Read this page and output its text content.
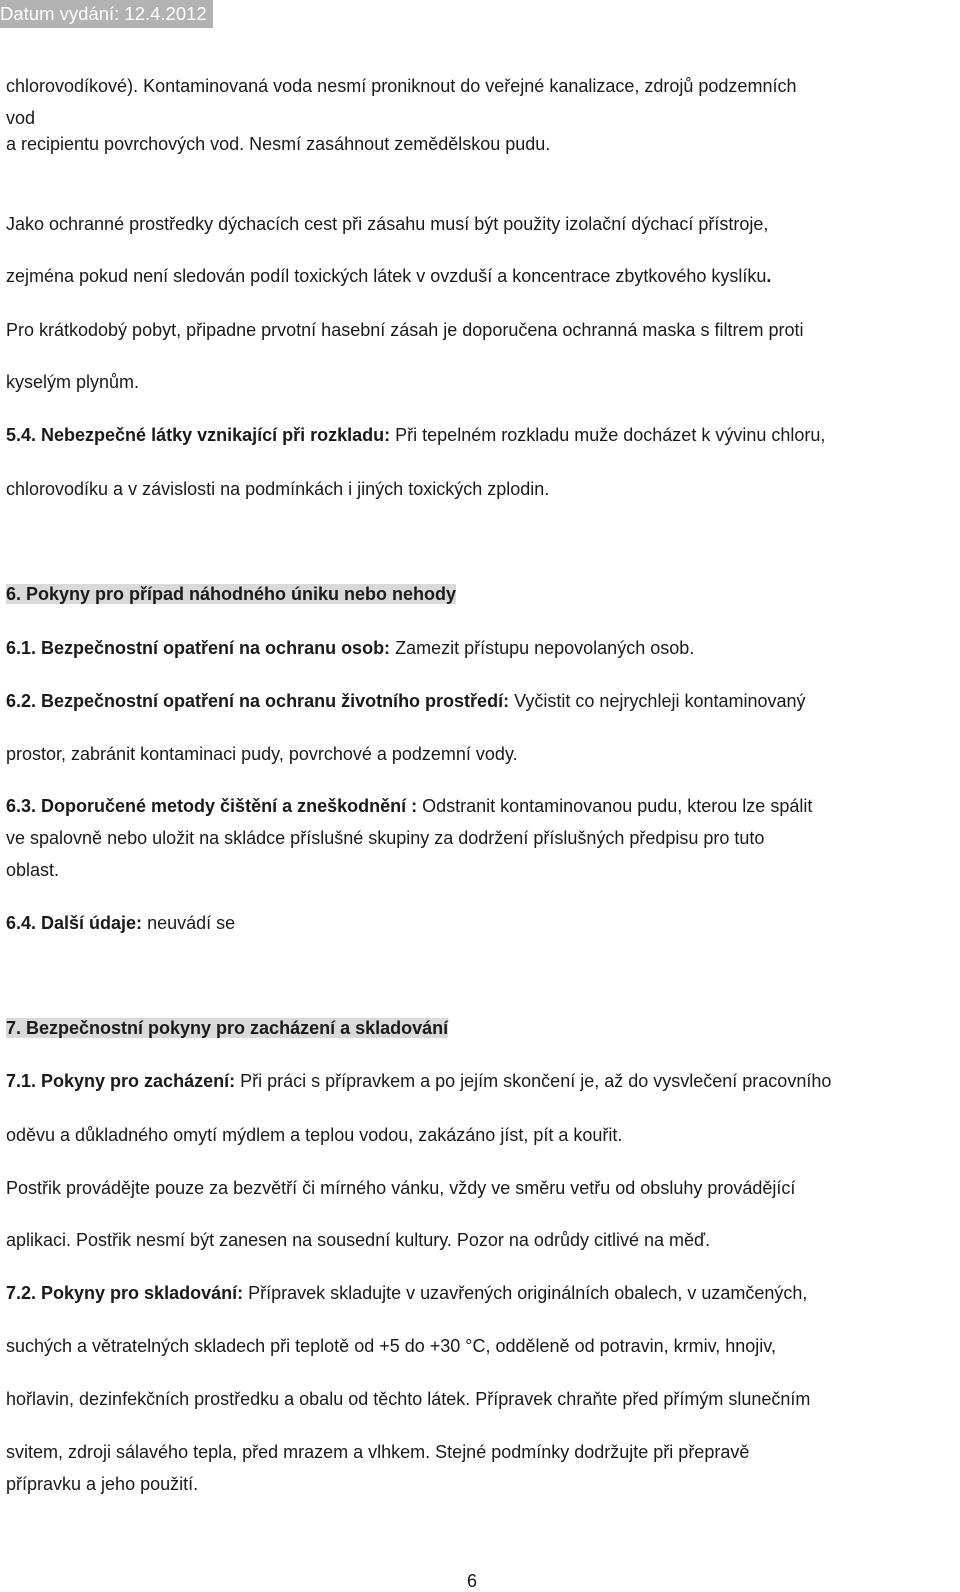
Datum vydání: 12.4.2012
chlorovodíkové). Kontaminovaná voda nesmí proniknout do veřejné kanalizace, zdrojů podzemních
vod
a recipientu povrchových vod. Nesmí zasáhnout zemědělskou pudu.
Jako ochranné prostředky dýchacích cest při zásahu musí být použity izolační dýchací přístroje,
zejména pokud není sledován podíl toxických látek v ovzduší a koncentrace zbytkového kyslíku.
Pro krátkodobý pobyt, připadne prvotní hasební zásah je doporučena ochranná maska s filtrem proti
kyselým plynům.
5.4. Nebezpečné látky vznikající při rozkladu: Při tepelném rozkladu muže docházet k vývinu chloru,
chlorovodíku a v závislosti na podmínkách i jiných toxických zplodin.
6. Pokyny pro případ náhodného úniku nebo nehody
6.1. Bezpečnostní opatření na ochranu osob: Zamezit přístupu nepovolaných osob.
6.2. Bezpečnostní opatření na ochranu životního prostředí: Vyčistit co nejrychleji kontaminovaný
prostor, zabránit kontaminaci pudy, povrchové a podzemní vody.
6.3. Doporučené metody čištění a zneškodnění : Odstranit kontaminovanou pudu, kterou lze spálit
ve spalovně nebo uložit na skládce příslušné skupiny za dodržení příslušných předpisu pro tuto
oblast.
6.4. Další údaje: neuvádí se
7. Bezpečnostní pokyny pro zacházení a skladování
7.1. Pokyny pro zacházení: Při práci s přípravkem a po jejím skončení je, až do vysvlečení pracovního
oděvu a důkladného omytí mýdlem a teplou vodou, zakázáno jíst, pít a kouřit.
Postřik provádějte pouze za bezvětří či mírného vánku, vždy ve směru vetřu od obsluhy provádějící
aplikaci. Postřik nesmí být zanesen na sousední kultury. Pozor na odrůdy citlivé na měď.
7.2. Pokyny pro skladování: Přípravek skladujte v uzavřených originálních obalech, v uzamčených,
suchých a větratelných skladech při teplotě od +5 do +30 °C, odděleně od potravin, krmiv, hnojiv,
hořlavin, dezinfekčních prostředku a obalu od těchto látek. Přípravek chraňte před přímým slunečním
svitem, zdroji sálavého tepla, před mrazem a vlhkem. Stejné podmínky dodržujte při přepravě
přípravku a jeho použití.
6
